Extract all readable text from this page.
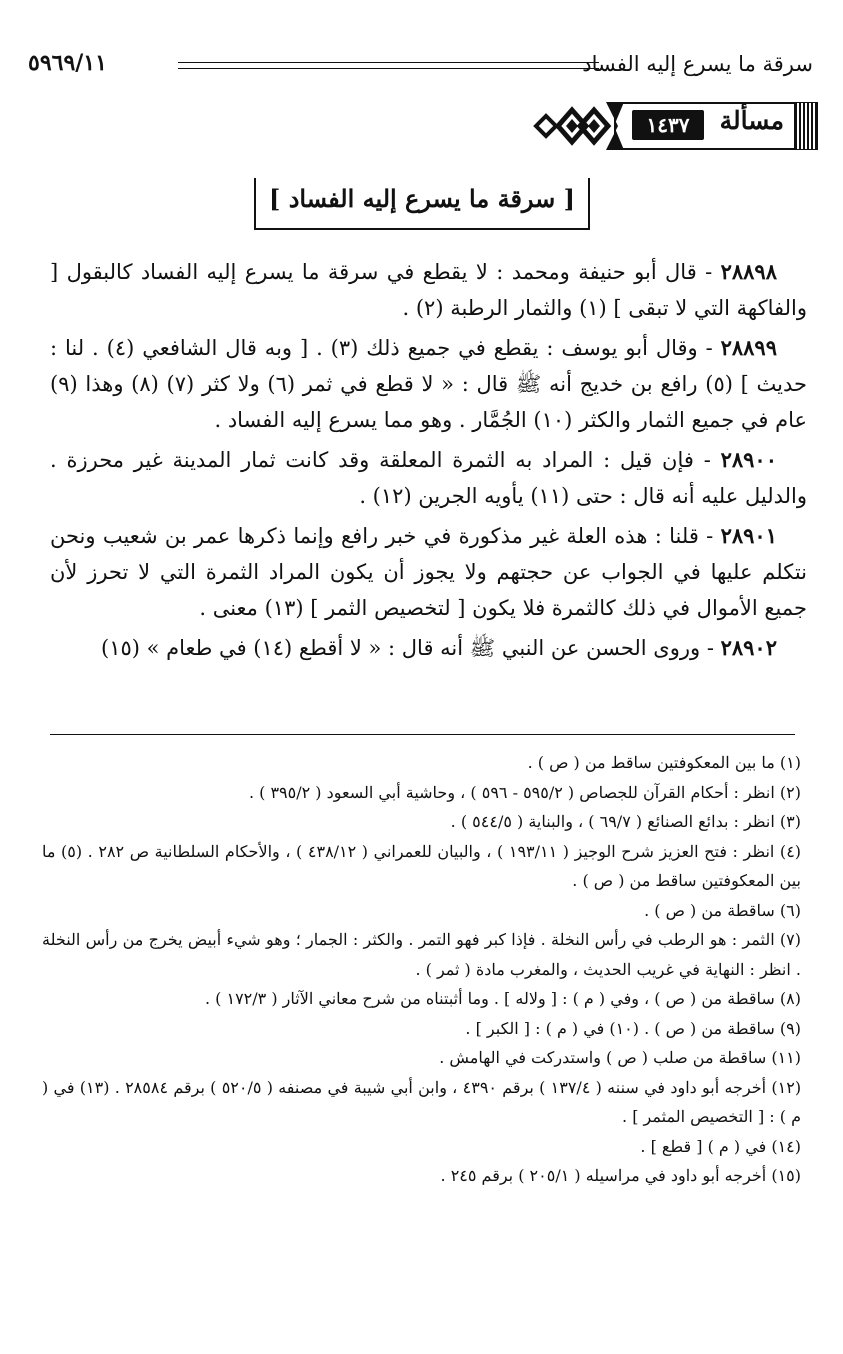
سرقة ما يسرع إليه الفساد
٥٩٦٩/١١
مسألة
١٤٣٧
[ سرقة ما يسرع إليه الفساد ]

٢٨٨٩٨ - قال أبو حنيفة ومحمد : لا يقطع في سرقة ما يسرع إليه الفساد كالبقول [ والفاكهة التي لا تبقى ] (١) والثمار الرطبة (٢) .

٢٨٨٩٩ - وقال أبو يوسف : يقطع في جميع ذلك (٣) . [ وبه قال الشافعي (٤) . لنا : حديث ] (٥) رافع بن خديج أنه ﷺ قال : « لا قطع في ثمر (٦) ولا كثر (٧) (٨) وهذا (٩) عام في جميع الثمار والكثر (١٠) الجُمَّار . وهو مما يسرع إليه الفساد .

٢٨٩٠٠ - فإن قيل : المراد به الثمرة المعلقة وقد كانت ثمار المدينة غير محرزة . والدليل عليه أنه قال : حتى (١١) يأويه الجرين (١٢) .

٢٨٩٠١ - قلنا : هذه العلة غير مذكورة في خبر رافع وإنما ذكرها عمر بن شعيب ونحن نتكلم عليها في الجواب عن حجتهم ولا يجوز أن يكون المراد الثمرة التي لا تحرز لأن جميع الأموال في ذلك كالثمرة فلا يكون [ لتخصيص الثمر ] (١٣) معنى .

٢٨٩٠٢ - وروى الحسن عن النبي ﷺ أنه قال : « لا أقطع (١٤) في طعام » (١٥)

(١) ما بين المعكوفتين ساقط من ( ص ) .

(٢) انظر : أحكام القرآن للجصاص ( ٥٩٥/٢ - ٥٩٦ ) ، وحاشية أبي السعود ( ٣٩٥/٢ ) .

(٣) انظر : بدائع الصنائع ( ٦٩/٧ ) ، والبناية ( ٥٤٤/٥ ) .

(٤) انظر : فتح العزيز شرح الوجيز ( ١٩٣/١١ ) ، والبيان للعمراني ( ٤٣٨/١٢ ) ، والأحكام السلطانية ص ٢٨٢ . (٥) ما بين المعكوفتين ساقط من ( ص ) .

(٦) ساقطة من ( ص ) .

(٧) الثمر : هو الرطب في رأس النخلة . فإذا كبر فهو التمر . والكثر : الجمار ؛ وهو شيء أبيض يخرج من رأس النخلة . انظر : النهاية في غريب الحديث ، والمغرب مادة ( ثمر ) .

(٨) ساقطة من ( ص ) ، وفي ( م ) : [ ولاله ] . وما أثبتناه من شرح معاني الآثار ( ١٧٢/٣ ) .

(٩) ساقطة من ( ص ) . (١٠) في ( م ) : [ الكبر ] .

(١١) ساقطة من صلب ( ص ) واستدركت في الهامش .

(١٢) أخرجه أبو داود في سننه ( ١٣٧/٤ ) برقم ٤٣٩٠ ، وابن أبي شيبة في مصنفه ( ٥٢٠/٥ ) برقم ٢٨٥٨٤ . (١٣) في ( م ) : [ التخصيص المثمر ] .

(١٤) في ( م ) [ قطع ] .

(١٥) أخرجه أبو داود في مراسيله ( ٢٠٥/١ ) برقم ٢٤٥ .
